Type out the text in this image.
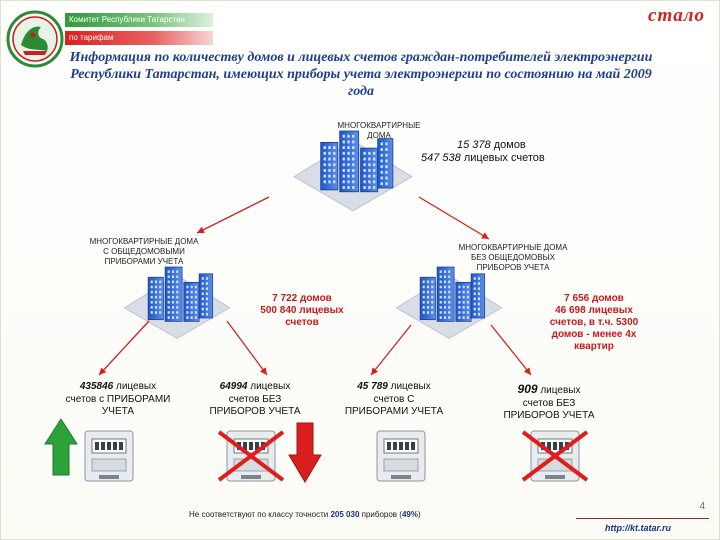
Комитет Республики Татарстан
по тарифам
стало
Информация по количеству домов и лицевых счетов граждан-потребителей электроэнергии Республики Татарстан, имеющих приборы учета электроэнергии по состоянию на май 2009 года
МНОГОКВАРТИРНЫЕ
ДОМА
15 378 домов
547 538 лицевых счетов
МНОГОКВАРТИРНЫЕ ДОМА
С ОБЩЕДОМОВЫМИ
ПРИБОРАМИ УЧЕТА
7 722 домов
500 840 лицевых
счетов
МНОГОКВАРТИРНЫЕ ДОМА
БЕЗ ОБЩЕДОМОВЫХ
ПРИБОРОВ УЧЕТА
7 656 домов
46 698 лицевых
счетов, в т.ч. 5300
домов - менее 4х
квартир
435846 лицевых
счетов с ПРИБОРАМИ
УЧЕТА
64994 лицевых
счетов БЕЗ
ПРИБОРОВ УЧЕТА
45 789 лицевых
счетов С
ПРИБОРАМИ УЧЕТА
909 лицевых
счетов БЕЗ
ПРИБОРОВ УЧЕТА
Не соответствуют по классу точности 205 030 приборов (49%)
4
http://kt.tatar.ru
